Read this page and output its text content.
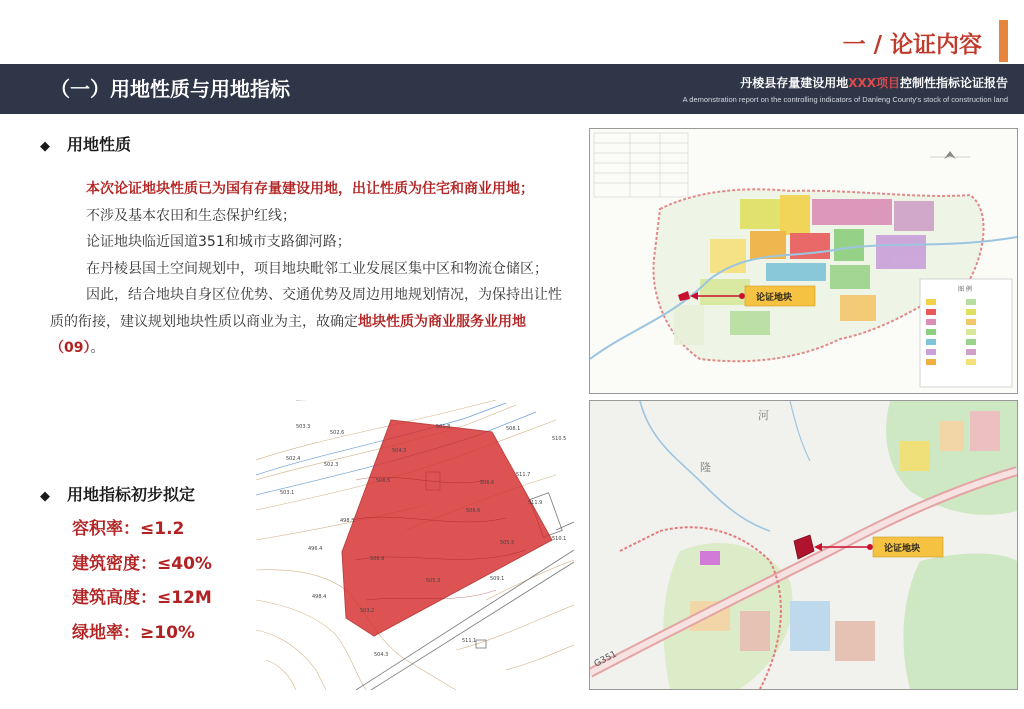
一 / 论证内容
（一）用地性质与用地指标	丹棱县存量建设用地XXX项目控制性指标论证报告
A demonstration report on the controlling indicators of Danleng County's stock of construction land
◆ 用地性质

本次论证地块性质已为国有存量建设用地，出让性质为住宅和商业用地；

不涉及基本农田和生态保护红线；

论证地块临近国道351和城市支路御河路；

在丹棱县国土空间规划中，项目地块毗邻工业发展区集中区和物流仓储区；

因此，结合地块自身区位优势、交通优势及周边用地规划情况，为保持出让性质的衔接，建议规划地块性质以商业为主，故确定地块性质为商业服务业用地（09）。

◆ 用地指标初步拟定
容积率：≤1.2
建筑密度：≤40%
建筑高度：≤12M
绿地率：≥10%
503.3
502.6
502.4
501.8
502.3
503.1
498.3
496.4
498.4
504.3
508.1
510.5
511.7
511.9
510.1
506.5	506.6
505.5
505.3	509.1
511.1
504.3
506.6
506.9
503.2
图 例
论证地块
G351
隆
河
论证地块
